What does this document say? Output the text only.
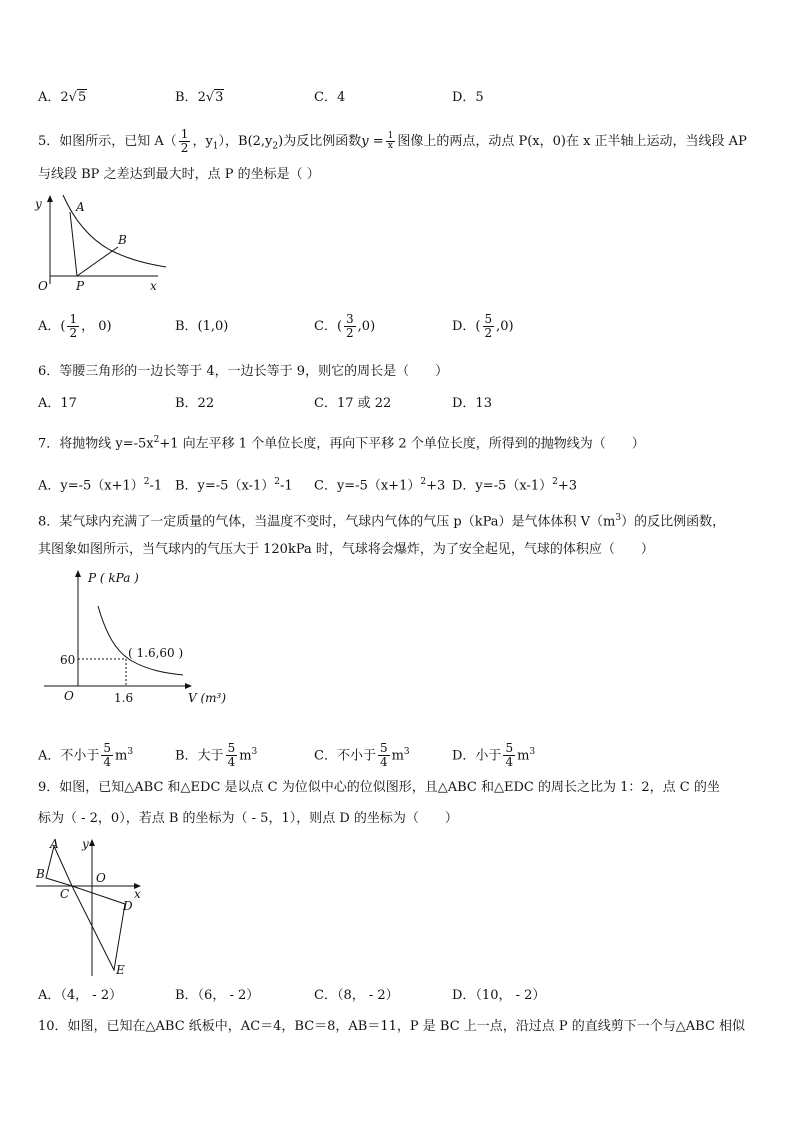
A．2√5	B．2√3	C．4	D．5
5．如图所示，已知 $A( \frac{1}{2}$ ，$y_1$），$B(2,y_2)$为反比例函数$y = \frac{1}{x}$ 图像上的两点，动点 P(x，0)在 x 正半轴上运动，当线段 AP
与线段 BP 之差达到最大时，点 P 的坐标是（ ）
y	A
B
O P	x
A．( $\frac{1}{2}$ ， 0)	B．(1,0)	C．( $\frac{3}{2} ,0$)	D．( $\frac{5}{2} ,0$)
6．等腰三角形的一边长等于 4，一边长等于 9，则它的周长是（　　）
A．17	B．22	C．17 或 22	D．13
7．将抛物线 $y=-5x^2+1$ 向左平移 1 个单位长度，再向下平移 2 个单位长度，所得到的抛物线为（　　）
A．$y=-5(x+1)^2-1$ B．$y=-5(x-1)^2-1$ C．$y=-5(x+1)^2+3$ D．$y=-5(x-1)^2+3$
8．某气球内充满了一定质量的气体，当温度不变时，气球内气体的气压 p（kPa）是气体体积 $V(m^3)$的反比例函数，
其图象如图所示，当气球内的气压大于 120kPa 时，气球将会爆炸，为了安全起见，气球的体积应（　　）
P ( kPa )
V (m³)
60
1.6
O
( 1.6,60 )
A．不小于 $\frac{5}{4} m^3$	B．大于 $\frac{5}{4} m^3$	C．不小于 $\frac{5}{4} m^3$	D．小于 $\frac{5}{4} m^3$
9．如图，已知△ABC 和△EDC 是以点 C 为位似中心的位似图形，且△ABC 和△EDC 的周长之比为 1：2，点 C 的坐
标为（ - 2，0），若点 B 的坐标为（ - 5，1），则点 D 的坐标为（　　）
A
B
C
D
E
O
x
y
A．（4， - 2）	B．（6， - 2）	C．（8， - 2）	D．（10， - 2）
10．如图，已知在△ABC 纸板中，AC＝4，BC＝8，AB＝11，P 是 BC 上一点，沿过点 P 的直线剪下一个与△ABC 相似
